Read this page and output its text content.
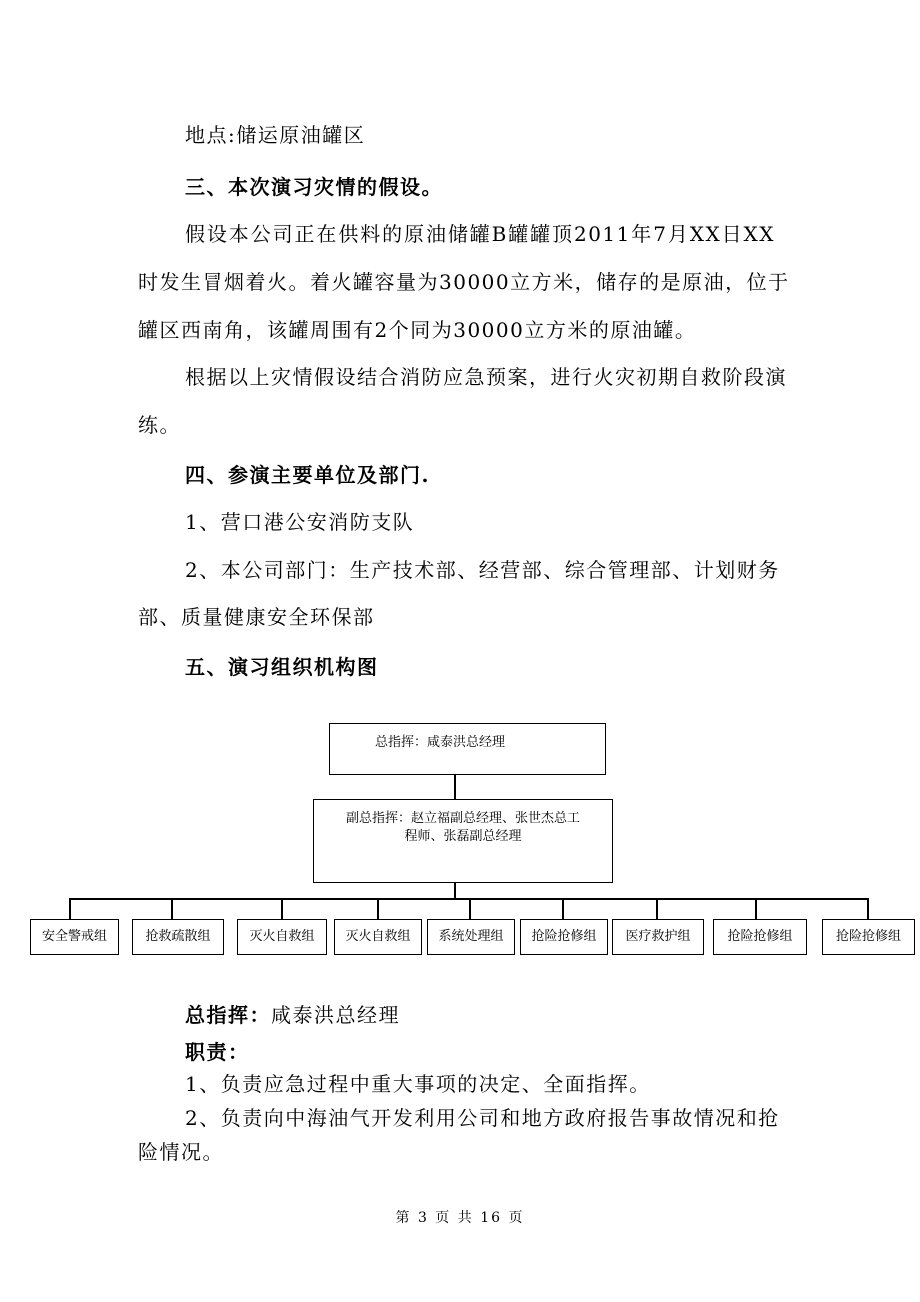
地点:储运原油罐区
三、本次演习灾情的假设。
假设本公司正在供料的原油储罐B罐罐顶2011年7月XX日XX
时发生冒烟着火。着火罐容量为30000立方米，储存的是原油，位于
罐区西南角，该罐周围有2个同为30000立方米的原油罐。
根据以上灾情假设结合消防应急预案，进行火灾初期自救阶段演
练。
四、参演主要单位及部门.
1、营口港公安消防支队
2、本公司部门：生产技术部、经营部、综合管理部、计划财务
部、质量健康安全环保部
五、演习组织机构图
总指挥：咸泰洪总经理
副总指挥：赵立福副总经理、张世杰总工
程师、张磊副总经理
安全警戒组	抢救疏散组	灭火自救组	灭火自救组	系统处理组	抢险抢修组	医疗救护组	抢险抢修组	抢险抢修组
总指挥：咸泰洪总经理
职责：
1、负责应急过程中重大事项的决定、全面指挥。
2、负责向中海油气开发利用公司和地方政府报告事故情况和抢
险情况。
第 3 页 共 16 页
